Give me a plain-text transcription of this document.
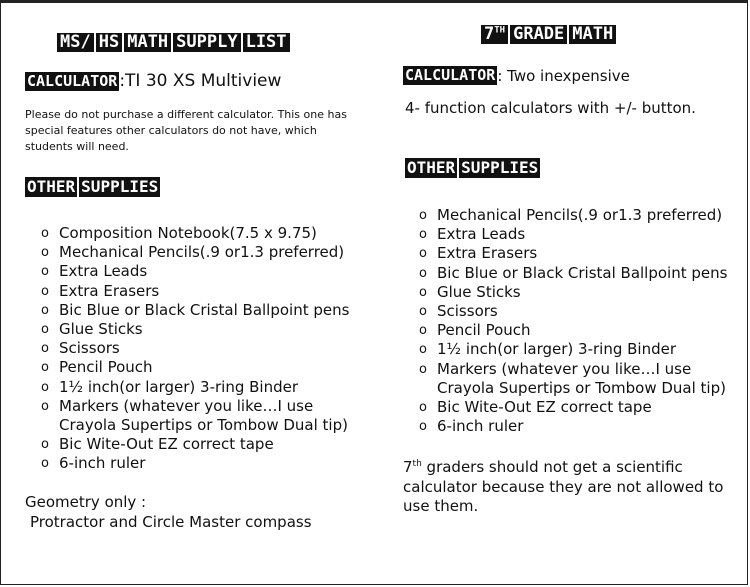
MS/ HS MATH SUPPLY LIST
CALCULATOR :TI 30 XS Multiview
Please do not purchase a different calculator. This one has special features other calculators do not have, which students will need.
OTHER SUPPLIES
o Composition Notebook(7.5 x 9.75)
o Mechanical Pencils(.9 or1.3 preferred)
o Extra Leads
o Extra Erasers
o Bic Blue or Black Cristal Ballpoint pens
o Glue Sticks
o Scissors
o Pencil Pouch
o 1½ inch(or larger) 3-ring Binder
o Markers (whatever you like…I use Crayola Supertips or Tombow Dual tip)
o Bic Wite-Out EZ correct tape
o 6-inch ruler
Geometry only :
Protractor and Circle Master compass
7TH GRADE MATH
CALCULATOR : Two inexpensive
4- function calculators with +/- button.
OTHER SUPPLIES
o Mechanical Pencils(.9 or1.3 preferred)
o Extra Leads
o Extra Erasers
o Bic Blue or Black Cristal Ballpoint pens
o Glue Sticks
o Scissors
o Pencil Pouch
o 1½ inch(or larger) 3-ring Binder
o Markers (whatever you like…I use Crayola Supertips or Tombow Dual tip)
o Bic Wite-Out EZ correct tape
o 6-inch ruler
7th graders should not get a scientific calculator because they are not allowed to use them.
